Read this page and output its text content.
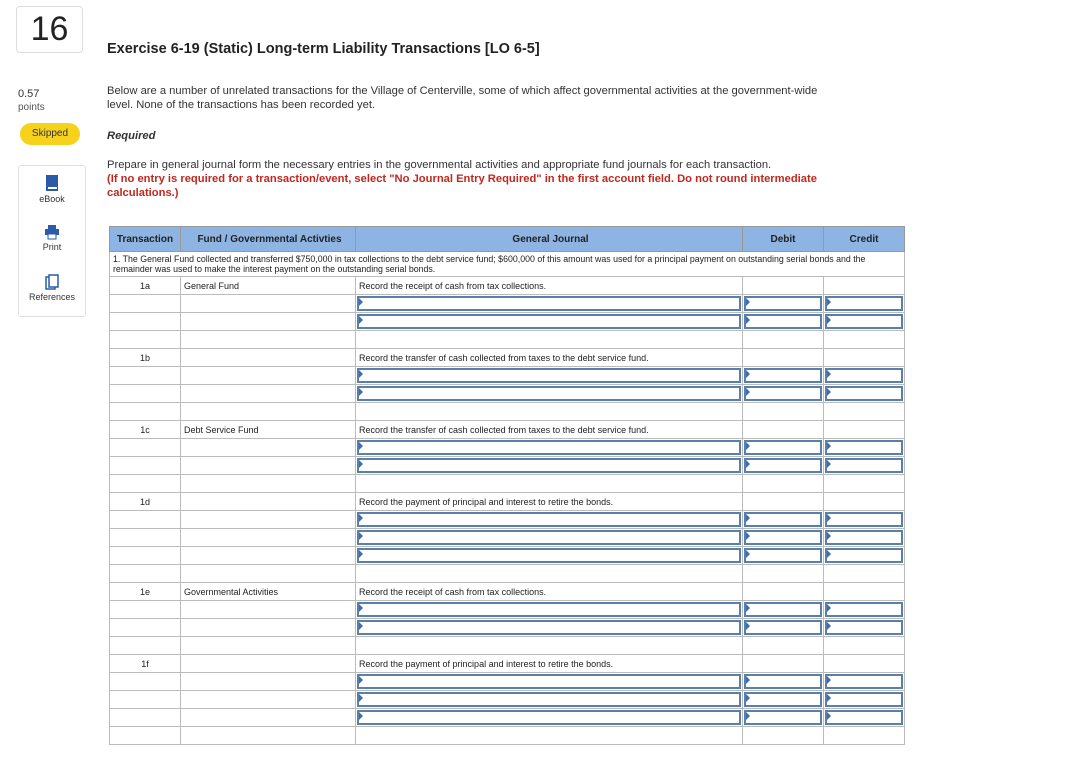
16
0.57
points
Skipped
eBook
Print
References
Exercise 6-19 (Static) Long-term Liability Transactions [LO 6-5]
Below are a number of unrelated transactions for the Village of Centerville, some of which affect governmental activities at the government-wide level. None of the transactions has been recorded yet.
Required
Prepare in general journal form the necessary entries in the governmental activities and appropriate fund journals for each transaction.
(If no entry is required for a transaction/event, select "No Journal Entry Required" in the first account field. Do not round intermediate calculations.)
Transaction	Fund / Governmental Activties	General Journal	Debit	Credit
1. The General Fund collected and transferred $750,000 in tax collections to the debt service fund; $600,000 of this amount was used for a principal payment on outstanding serial bonds and the remainder was used to make the interest payment on the outstanding serial bonds.				
1a	General Fund	Record the receipt of cash from tax collections.		

1b		Record the transfer of cash collected from taxes to the debt service fund.		

1c	Debt Service Fund	Record the transfer of cash collected from taxes to the debt service fund.		

1d		Record the payment of principal and interest to retire the bonds.		

1e	Governmental Activities	Record the receipt of cash from tax collections.		

1f		Record the payment of principal and interest to retire the bonds.		
